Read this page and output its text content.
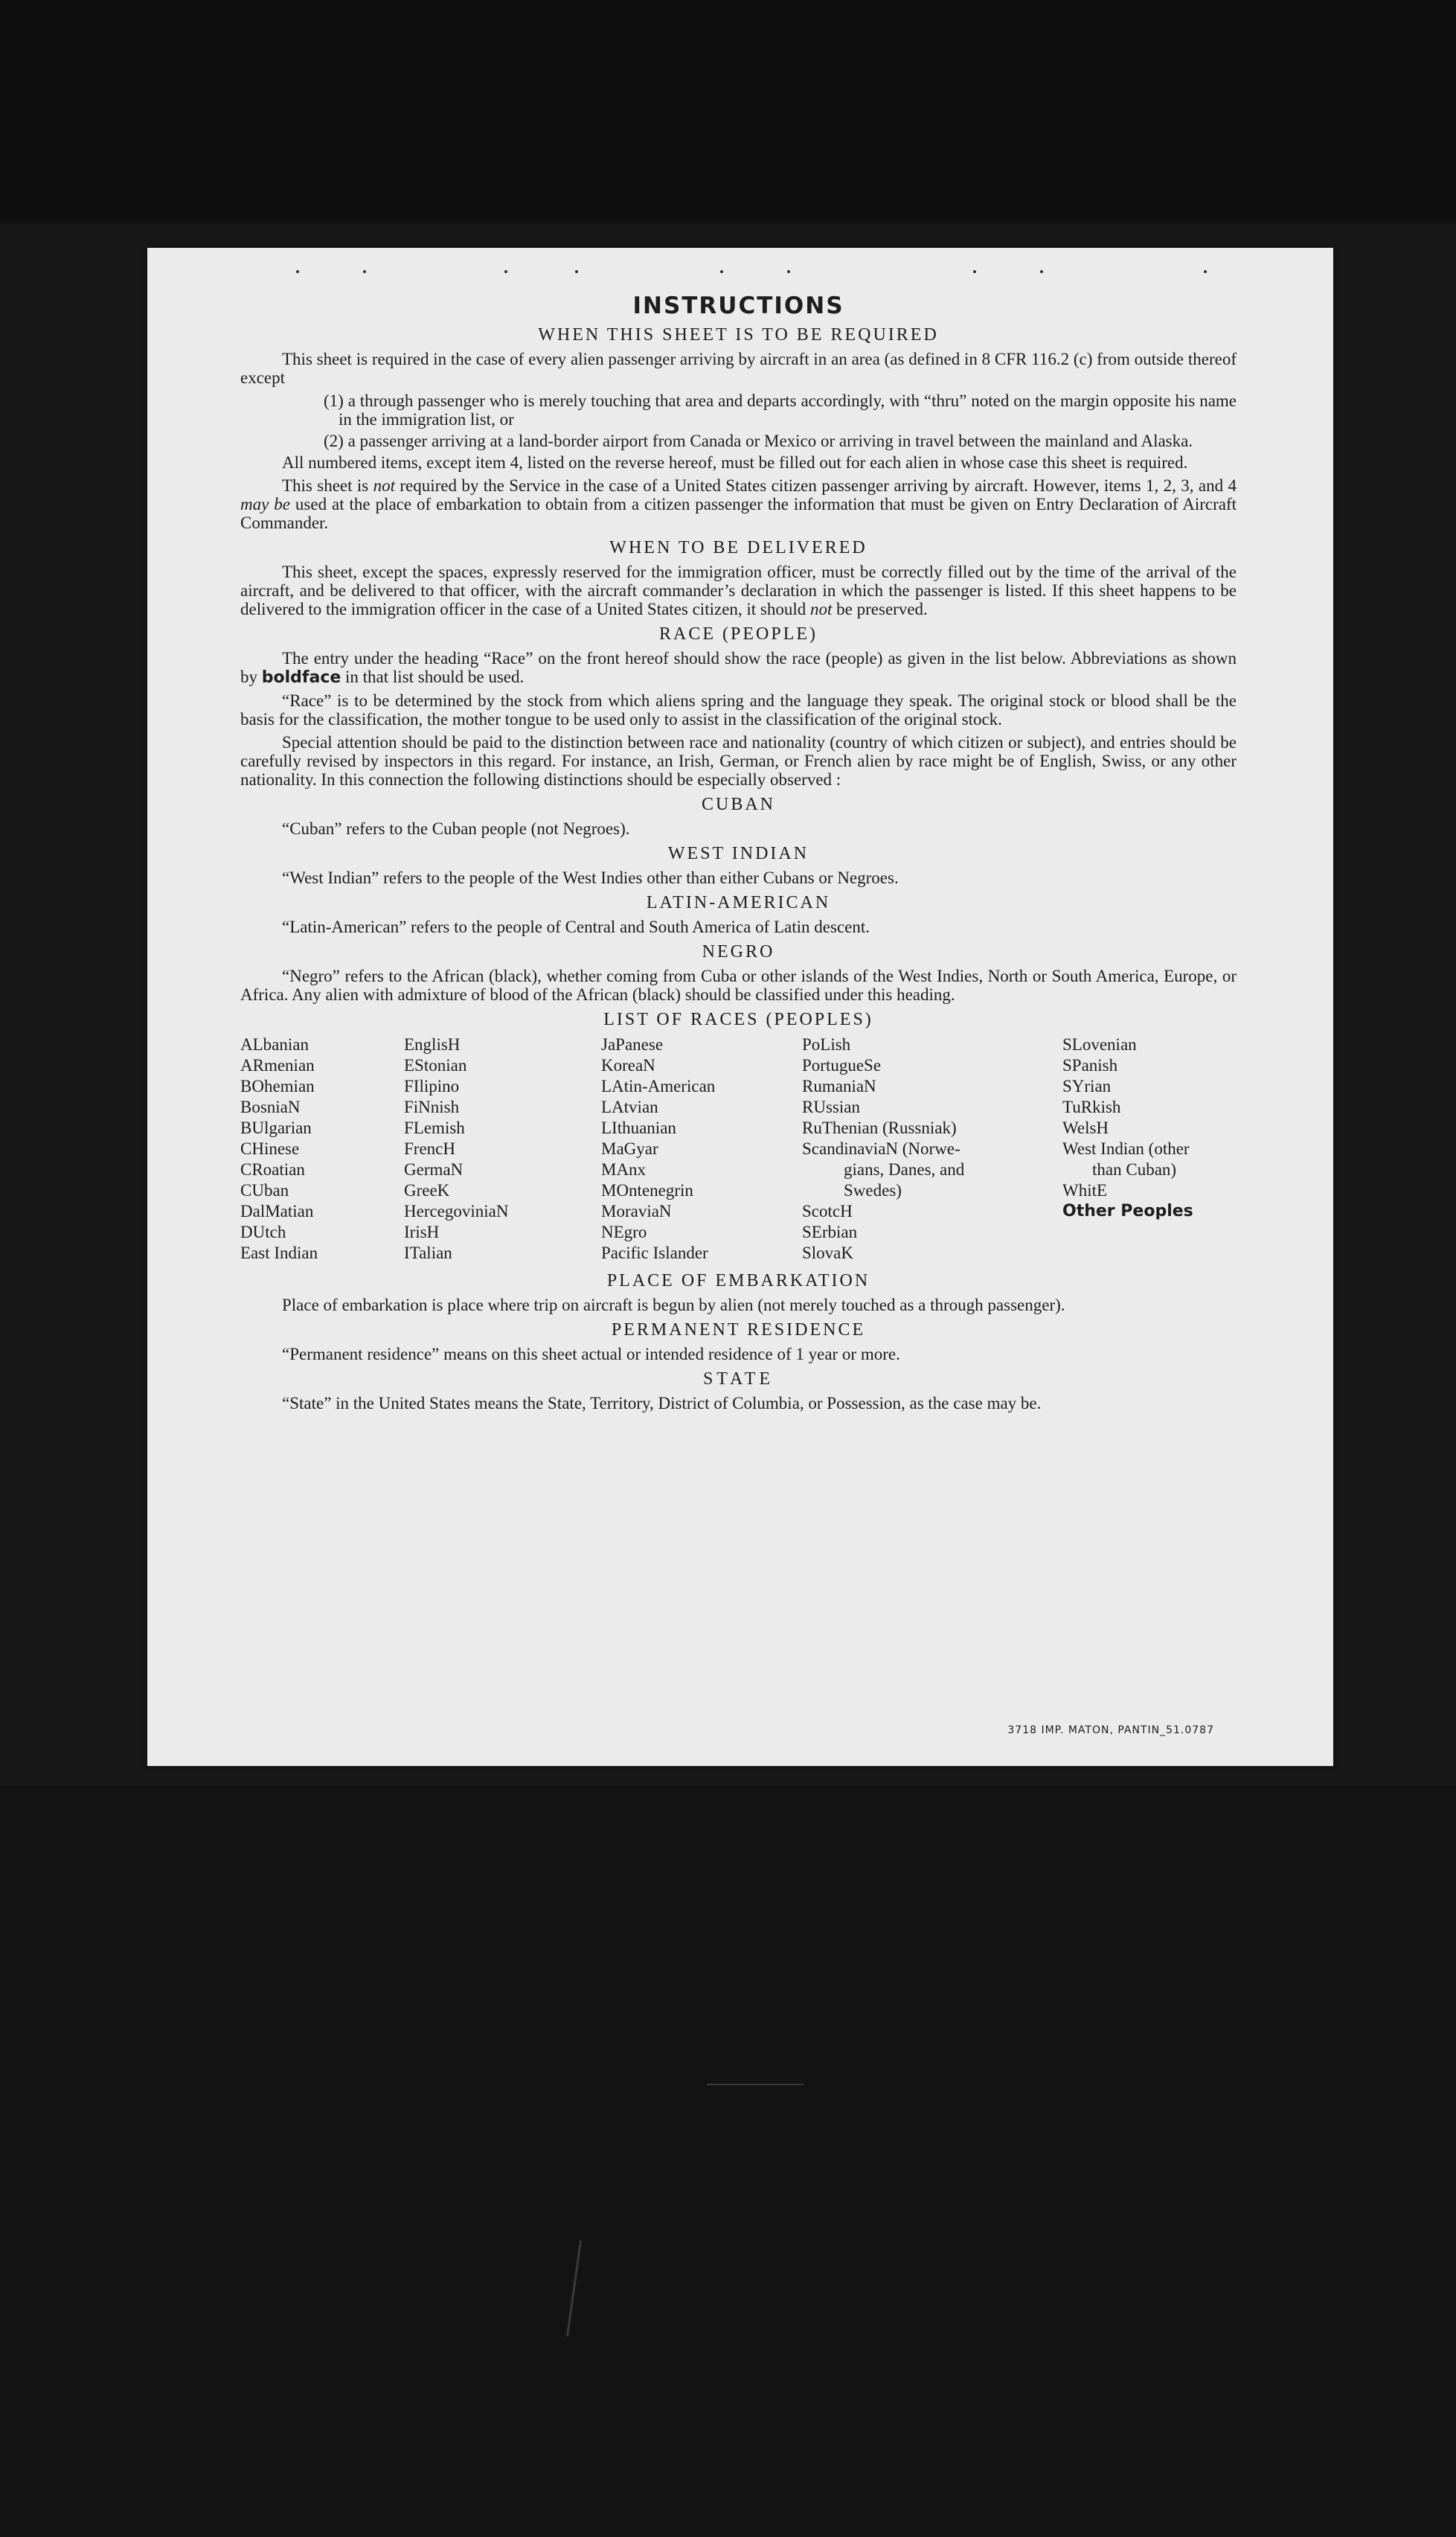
INSTRUCTIONS
WHEN THIS SHEET IS TO BE REQUIRED

This sheet is required in the case of every alien passenger arriving by aircraft in an area (as defined in 8 CFR 116.2 (c) from outside thereof except

(1) a through passenger who is merely touching that area and departs accordingly, with “thru” noted on the margin opposite his name in the immigration list, or

(2) a passenger arriving at a land-border airport from Canada or Mexico or arriving in travel between the mainland and Alaska.

All numbered items, except item 4, listed on the reverse hereof, must be filled out for each alien in whose case this sheet is required.

This sheet is not required by the Service in the case of a United States citizen passenger arriving by aircraft. However, items 1, 2, 3, and 4 may be used at the place of embarkation to obtain from a citizen passenger the information that must be given on Entry Declaration of Aircraft Commander.

WHEN TO BE DELIVERED

This sheet, except the spaces, expressly reserved for the immigration officer, must be correctly filled out by the time of the arrival of the aircraft, and be delivered to that officer, with the aircraft commander’s declaration in which the passenger is listed. If this sheet happens to be delivered to the immigration officer in the case of a United States citizen, it should not be preserved.

RACE (PEOPLE)

The entry under the heading “Race” on the front hereof should show the race (people) as given in the list below. Abbreviations as shown by boldface in that list should be used.

“Race” is to be determined by the stock from which aliens spring and the language they speak. The original stock or blood shall be the basis for the classification, the mother tongue to be used only to assist in the classification of the original stock.

Special attention should be paid to the distinction between race and nationality (country of which citizen or subject), and entries should be carefully revised by inspectors in this regard. For instance, an Irish, German, or French alien by race might be of English, Swiss, or any other nationality. In this connection the following distinctions should be especially observed :

CUBAN

“Cuban” refers to the Cuban people (not Negroes).

WEST INDIAN

“West Indian” refers to the people of the West Indies other than either Cubans or Negroes.

LATIN-AMERICAN

“Latin-American” refers to the people of Central and South America of Latin descent.

NEGRO

“Negro” refers to the African (black), whether coming from Cuba or other islands of the West Indies, North or South America, Europe, or Africa. Any alien with admixture of blood of the African (black) should be classified under this heading.

LIST OF RACES (PEOPLES)
ALbanian
ARmenian
BOhemian
BosniaN
BUlgarian
CHinese
CRoatian
CUban
DalMatian
DUtch
East Indian
EnglisH
EStonian
FIlipino
FiNnish
FLemish
FrencH
GermaN
GreeK
HercegoviniaN
IrisH
ITalian
JaPanese
KoreaN
LAtin-American
LAtvian
LIthuanian
MaGyar
MAnx
MOntenegrin
MoraviaN
NEgro
Pacific Islander
PoLish
PortugueSe
RumaniaN
RUssian
RuThenian (Russniak)
ScandinaviaN (Norwe-
gians, Danes, and
Swedes)
ScotcH
SErbian
SlovaK
SLovenian
SPanish
SYrian
TuRkish
WelsH
West Indian (other
than Cuban)
WhitE
Other Peoples
PLACE OF EMBARKATION

Place of embarkation is place where trip on aircraft is begun by alien (not merely touched as a through passenger).

PERMANENT RESIDENCE

“Permanent residence” means on this sheet actual or intended residence of 1 year or more.

STATE

“State” in the United States means the State, Territory, District of Columbia, or Possession, as the case may be.

3718 IMP. MATON, PANTIN_51.0787
